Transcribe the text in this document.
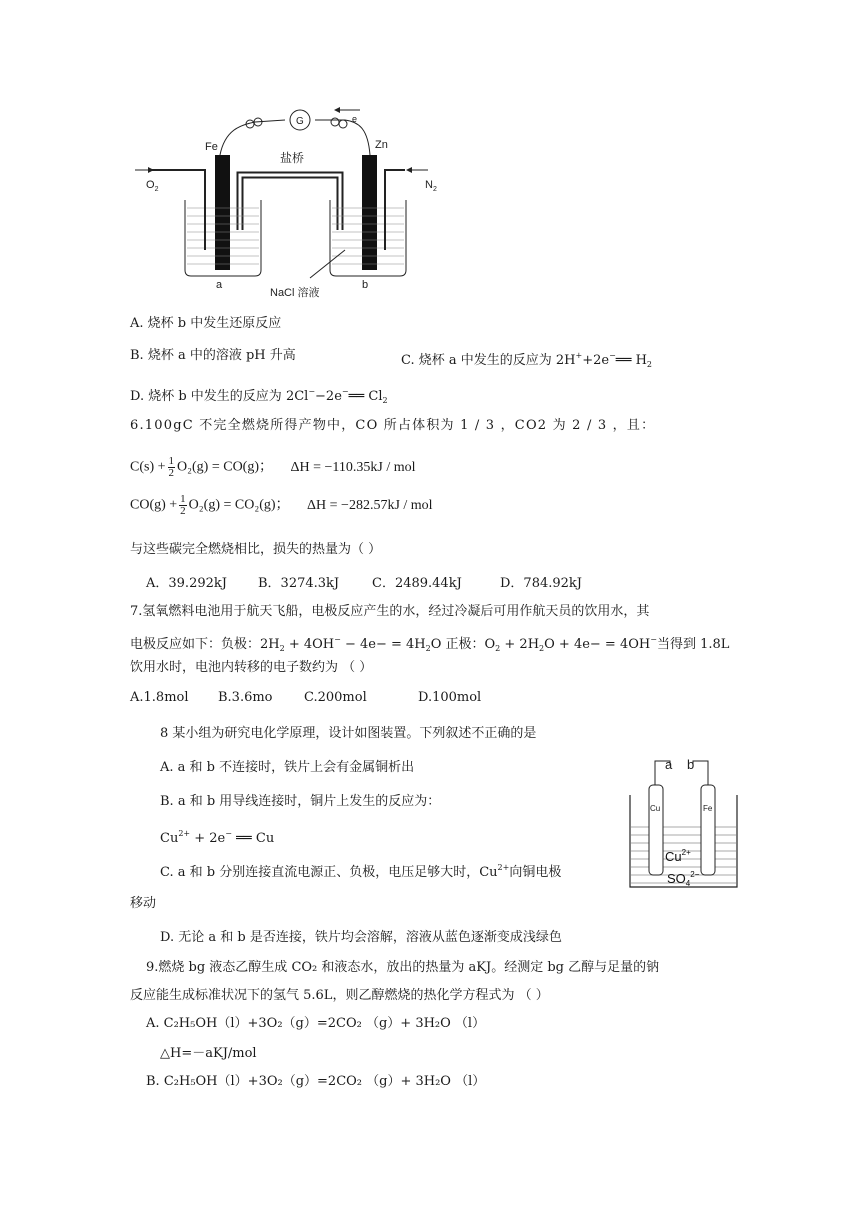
G	e
Fe	Zn
盐桥
$O_2$	$N_2$
a	b
NaCl 溶液
A. 烧杯 b 中发生还原反应
B. 烧杯 a 中的溶液 pH 升高	C. 烧杯 a 中发生的反应为 2H++2e−══ $H_2$
D. 烧杯 b 中发生的反应为 2Cl−−2e−══ $Cl_2$
6.100gC 不完全燃烧所得产物中，CO 所占体积为 1 / 3 ，CO2 为 2 / 3 ，且：
$C(s) + \frac{1}{2} O_2(g) = CO(g)$； ΔH = −110.35kJ / mol
$CO(g) + \frac{1}{2} O_2(g) = CO_2(g)$； ΔH = −282.57kJ / mol
与这些碳完全燃烧相比，损失的热量为（ ）
A．39.292kJ B．3274.3kJ	C．2489.44kJ	D．784.92kJ
7.氢氧燃料电池用于航天飞船，电极反应产生的水，经过冷凝后可用作航天员的饮用水，其
电极反应如下：负极：$2H_2 + 4OH^- - 4e- = 4H_2O$ 正极：$O_2 + 2H_2O + 4e- = 4OH^-$当得到 1.8L
饮用水时，电池内转移的电子数约为 （ ）
A.1.8mol B.3.6mo C.200mol	D.100mol
8 某小组为研究电化学原理，设计如图装置。下列叙述不正确的是
A. a 和 b 不连接时，铁片上会有金属铜析出
B. a 和 b 用导线连接时，铜片上发生的反应为：
$Cu^{2+} + 2e^-$ ══ Cu
C. a 和 b 分别连接直流电源正、负极，电压足够大时，$Cu^{2+}$向铜电极
移动
D. 无论 a 和 b 是否连接，铁片均会溶解，溶液从蓝色逐渐变成浅绿色
a b
Cu	Fe
$Cu^{2+}$
$SO_4^{2-}$
9.燃烧 bg 液态乙醇生成 CO₂ 和液态水，放出的热量为 aKJ。经测定 bg 乙醇与足量的钠
反应能生成标准状况下的氢气 5.6L，则乙醇燃烧的热化学方程式为 （ ）
A. C₂H₅OH（l）+3O₂（g）=2CO₂ （g）+ 3H₂O （l）
△H=－aKJ/mol
B. C₂H₅OH（l）+3O₂（g）=2CO₂ （g）+ 3H₂O （l）
